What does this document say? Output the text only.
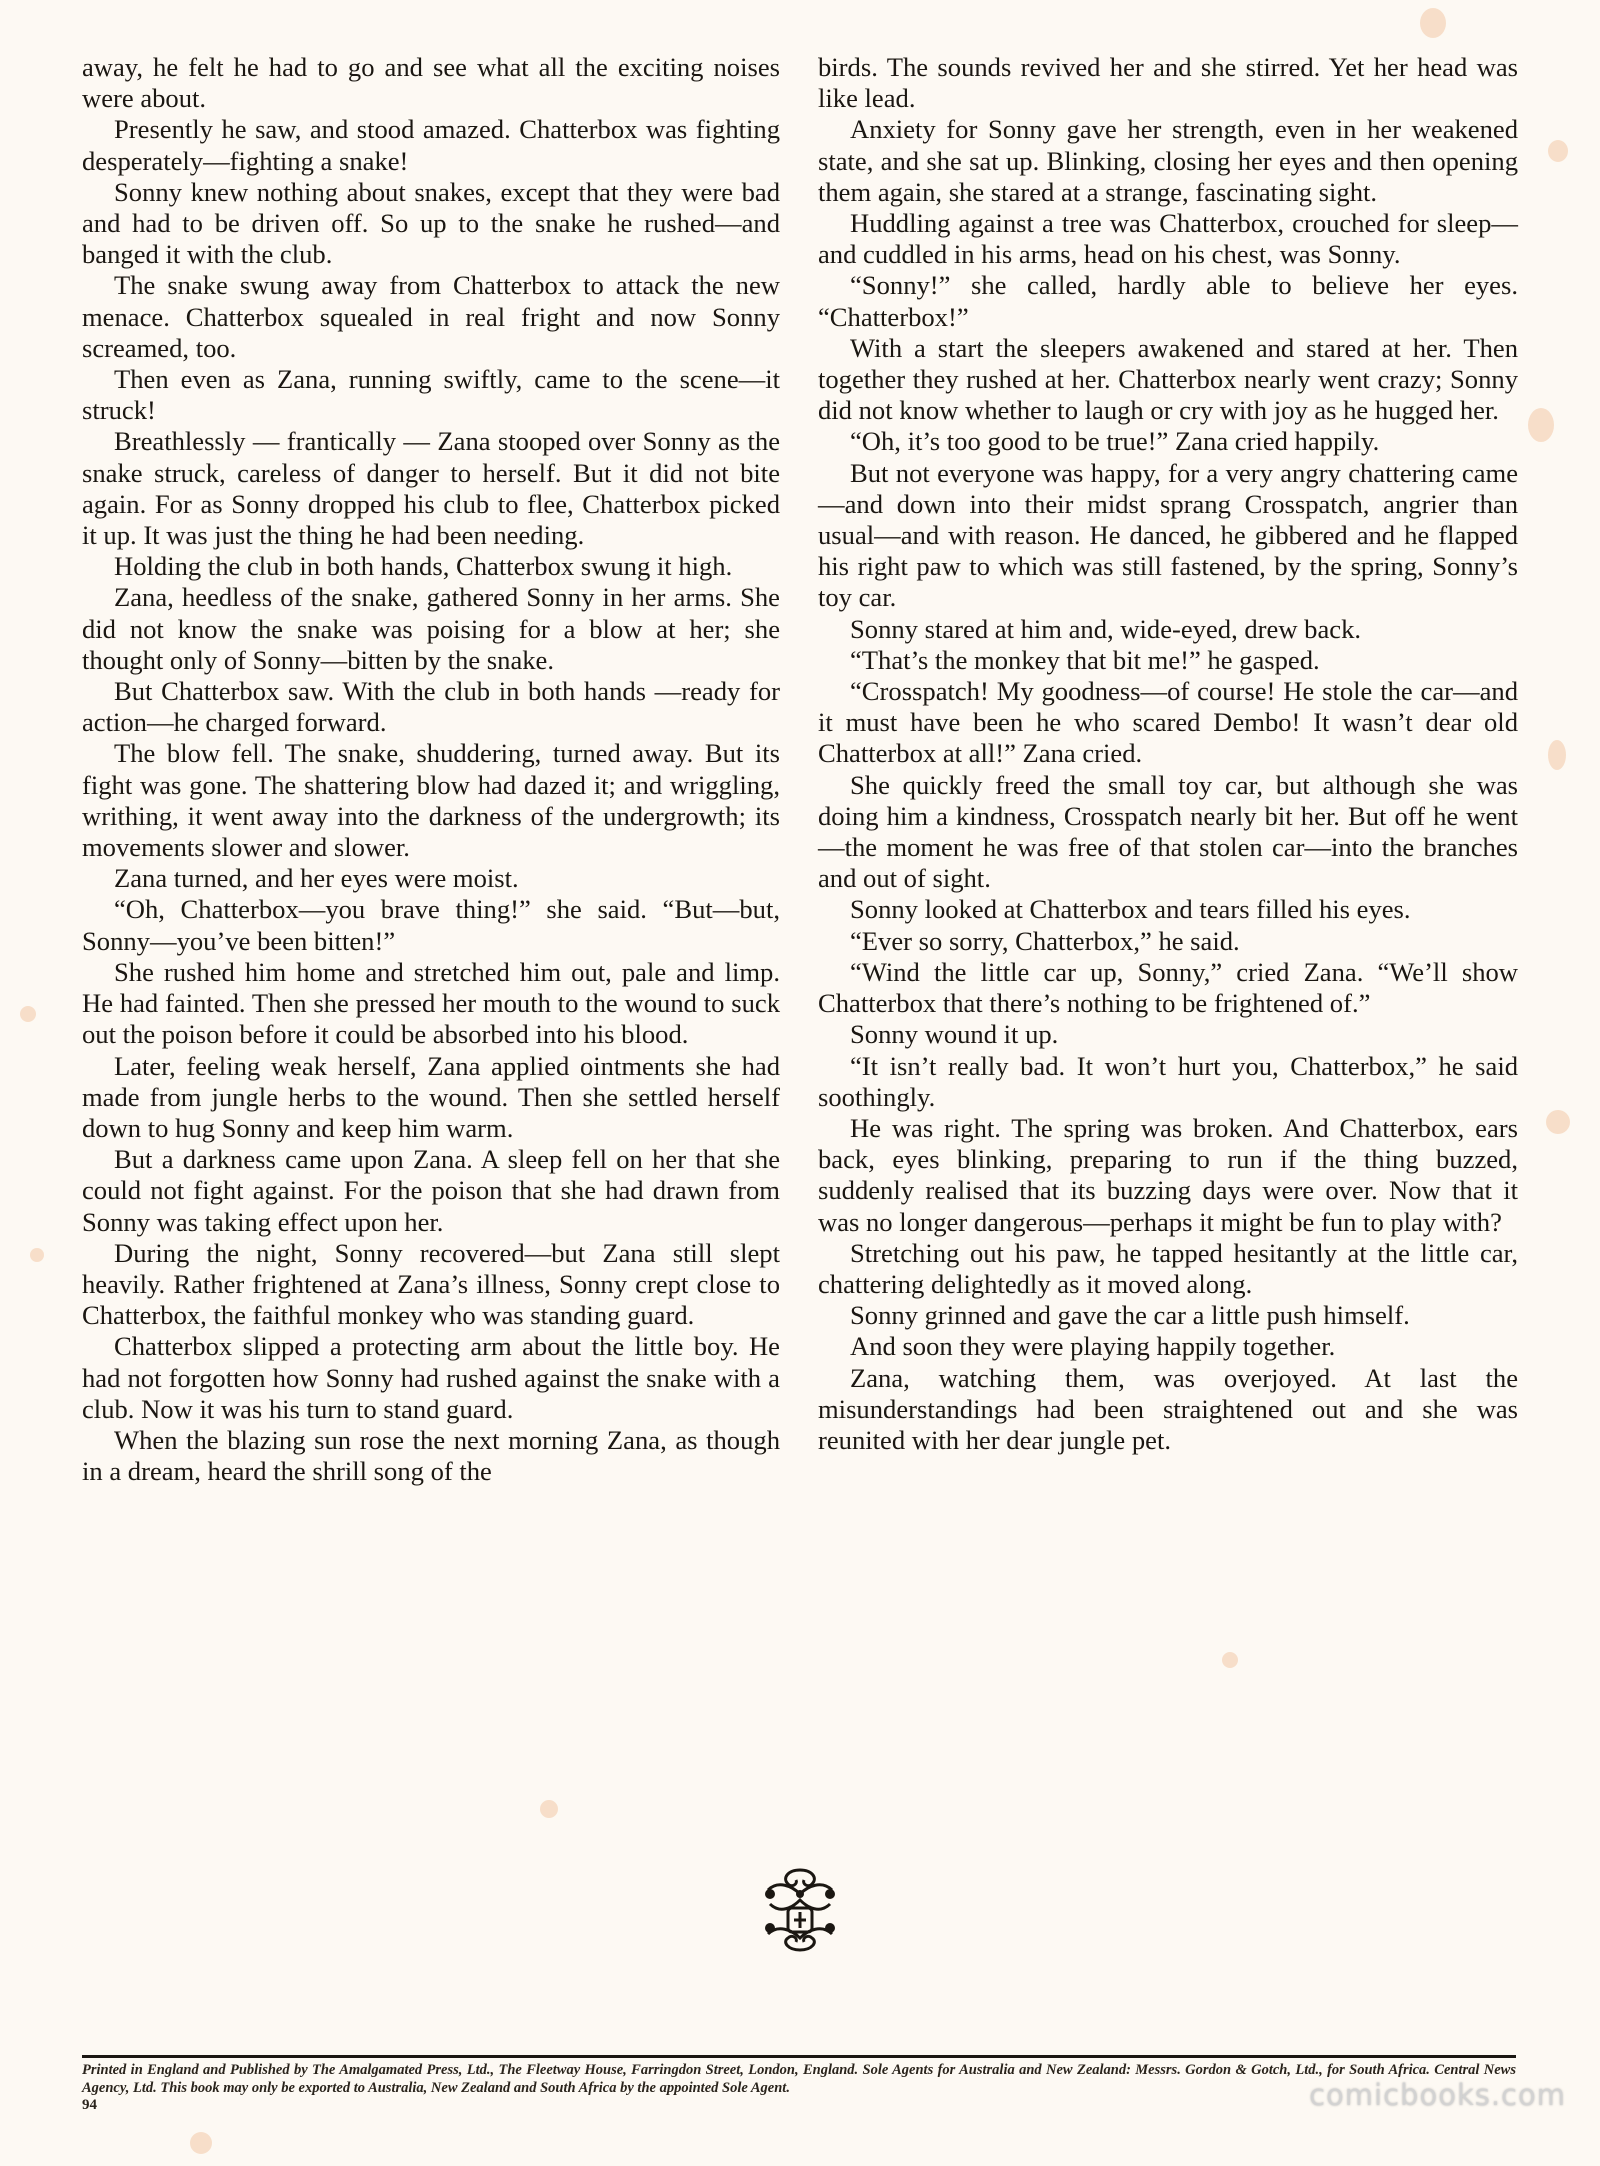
away, he felt he had to go and see what all the exciting noises were about.

Presently he saw, and stood amazed. Chatterbox was fighting desperately—fighting a snake!

Sonny knew nothing about snakes, except that they were bad and had to be driven off. So up to the snake he rushed—and banged it with the club.

The snake swung away from Chatterbox to attack the new menace. Chatterbox squealed in real fright and now Sonny screamed, too.

Then even as Zana, running swiftly, came to the scene—it struck!

Breathlessly — frantically — Zana stooped over Sonny as the snake struck, careless of danger to herself. But it did not bite again. For as Sonny dropped his club to flee, Chatterbox picked it up. It was just the thing he had been needing.

Holding the club in both hands, Chatterbox swung it high.

Zana, heedless of the snake, gathered Sonny in her arms. She did not know the snake was poising for a blow at her; she thought only of Sonny—bitten by the snake.

But Chatterbox saw. With the club in both hands —ready for action—he charged forward.

The blow fell. The snake, shuddering, turned away. But its fight was gone. The shattering blow had dazed it; and wriggling, writhing, it went away into the darkness of the undergrowth; its movements slower and slower.

Zana turned, and her eyes were moist.

“Oh, Chatterbox—you brave thing!” she said. “But—but, Sonny—you’ve been bitten!”

She rushed him home and stretched him out, pale and limp. He had fainted. Then she pressed her mouth to the wound to suck out the poison before it could be absorbed into his blood.

Later, feeling weak herself, Zana applied ointments she had made from jungle herbs to the wound. Then she settled herself down to hug Sonny and keep him warm.

But a darkness came upon Zana. A sleep fell on her that she could not fight against. For the poison that she had drawn from Sonny was taking effect upon her.

During the night, Sonny recovered—but Zana still slept heavily. Rather frightened at Zana’s illness, Sonny crept close to Chatterbox, the faithful monkey who was standing guard.

Chatterbox slipped a protecting arm about the little boy. He had not forgotten how Sonny had rushed against the snake with a club. Now it was his turn to stand guard.

When the blazing sun rose the next morning Zana, as though in a dream, heard the shrill song of the

birds. The sounds revived her and she stirred. Yet her head was like lead.

Anxiety for Sonny gave her strength, even in her weakened state, and she sat up. Blinking, closing her eyes and then opening them again, she stared at a strange, fascinating sight.

Huddling against a tree was Chatterbox, crouched for sleep—and cuddled in his arms, head on his chest, was Sonny.

“Sonny!” she called, hardly able to believe her eyes. “Chatterbox!”

With a start the sleepers awakened and stared at her. Then together they rushed at her. Chatterbox nearly went crazy; Sonny did not know whether to laugh or cry with joy as he hugged her.

“Oh, it’s too good to be true!” Zana cried happily.

But not everyone was happy, for a very angry chattering came—and down into their midst sprang Crosspatch, angrier than usual—and with reason. He danced, he gibbered and he flapped his right paw to which was still fastened, by the spring, Sonny’s toy car.

Sonny stared at him and, wide-eyed, drew back.

“That’s the monkey that bit me!” he gasped.

“Crosspatch! My goodness—of course! He stole the car—and it must have been he who scared Dembo! It wasn’t dear old Chatterbox at all!” Zana cried.

She quickly freed the small toy car, but although she was doing him a kindness, Crosspatch nearly bit her. But off he went—the moment he was free of that stolen car—into the branches and out of sight.

Sonny looked at Chatterbox and tears filled his eyes.

“Ever so sorry, Chatterbox,” he said.

“Wind the little car up, Sonny,” cried Zana. “We’ll show Chatterbox that there’s nothing to be frightened of.”

Sonny wound it up.

“It isn’t really bad. It won’t hurt you, Chatterbox,” he said soothingly.

He was right. The spring was broken. And Chatterbox, ears back, eyes blinking, preparing to run if the thing buzzed, suddenly realised that its buzzing days were over. Now that it was no longer dangerous—perhaps it might be fun to play with?

Stretching out his paw, he tapped hesitantly at the little car, chattering delightedly as it moved along.

Sonny grinned and gave the car a little push himself.

And soon they were playing happily together.

Zana, watching them, was overjoyed. At last the misunderstandings had been straightened out and she was reunited with her dear jungle pet.

Printed in England and Published by The Amalgamated Press, Ltd., The Fleetway House, Farringdon Street, London, England. Sole Agents for Australia and New Zealand: Messrs. Gordon & Gotch, Ltd., for South Africa. Central News Agency, Ltd. This book may only be exported to Australia, New Zealand and South Africa by the appointed Sole Agent.
94	comicbooks.com
